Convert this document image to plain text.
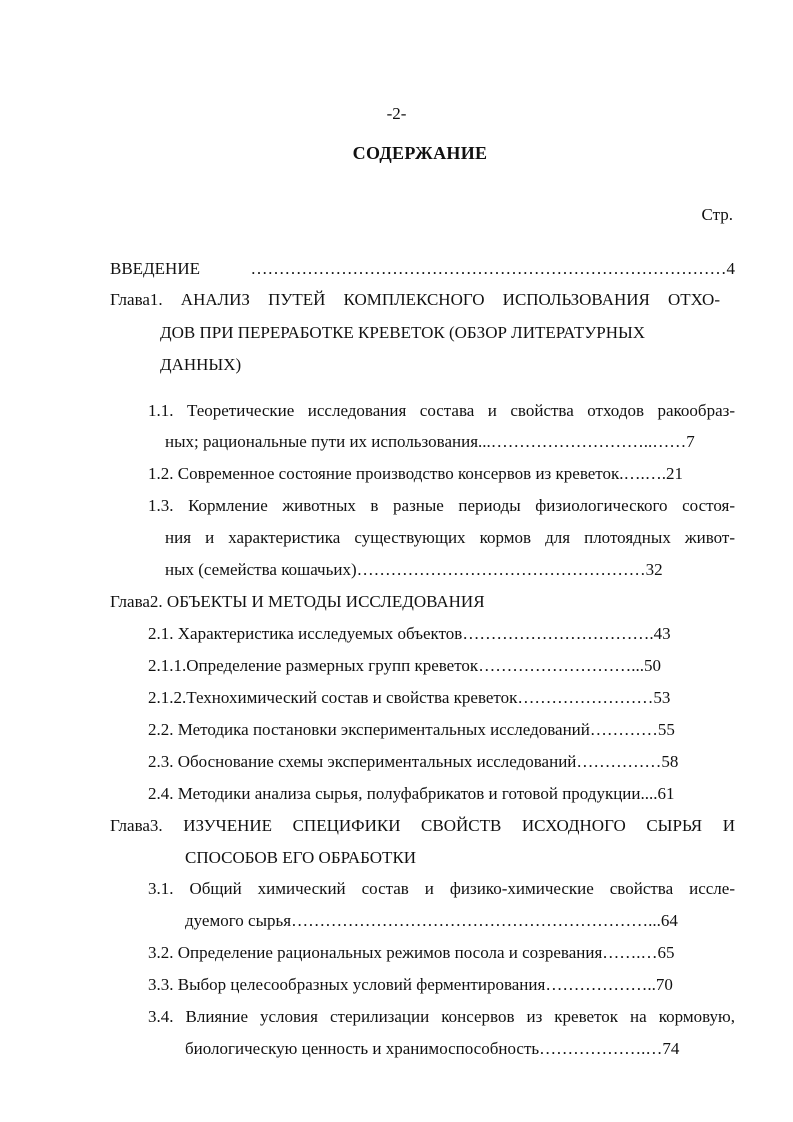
-2-
СОДЕРЖАНИЕ
Стр.
ВВЕДЕНИЕ …………………………………………………………………………4
Глава1. АНАЛИЗ ПУТЕЙ КОМПЛЕКСНОГО ИСПОЛЬЗОВАНИЯ ОТХО-
ДОВ ПРИ ПЕРЕРАБОТКЕ КРЕВЕТОК (ОБЗОР ЛИТЕРАТУРНЫХ
ДАННЫХ)
1.1. Теоретические исследования состава и свойства отходов ракообраз-
ных; рациональные пути их использования...………………………..……7
1.2. Современное состояние производство консервов из креветок.….….21
1.3. Кормление животных в разные периоды физиологического состоя-
ния и характеристика существующих кормов для плотоядных живот-
ных (семейства кошачьих)……………………………………………32
Глава2. ОБЪЕКТЫ И МЕТОДЫ ИССЛЕДОВАНИЯ
2.1. Характеристика исследуемых объектов…………………………….43
2.1.1.Определение размерных групп креветок………………………...50
2.1.2.Технохимический состав и свойства креветок……………………53
2.2. Методика постановки экспериментальных исследований…………55
2.3. Обоснование схемы экспериментальных исследований……………58
2.4. Методики анализа сырья, полуфабрикатов и готовой продукции....61
Глава3. ИЗУЧЕНИЕ СПЕЦИФИКИ СВОЙСТВ ИСХОДНОГО СЫРЬЯ И
СПОСОБОВ ЕГО ОБРАБОТКИ
3.1. Общий химический состав и физико-химические свойства иссле-
дуемого сырья………………………………………………………...64
3.2. Определение рациональных режимов посола и созревания…….…65
3.3. Выбор целесообразных условий ферментирования………………..70
3.4. Влияние условия стерилизации консервов из креветок на кормовую,
биологическую ценность и хранимоспособность……………….…74
